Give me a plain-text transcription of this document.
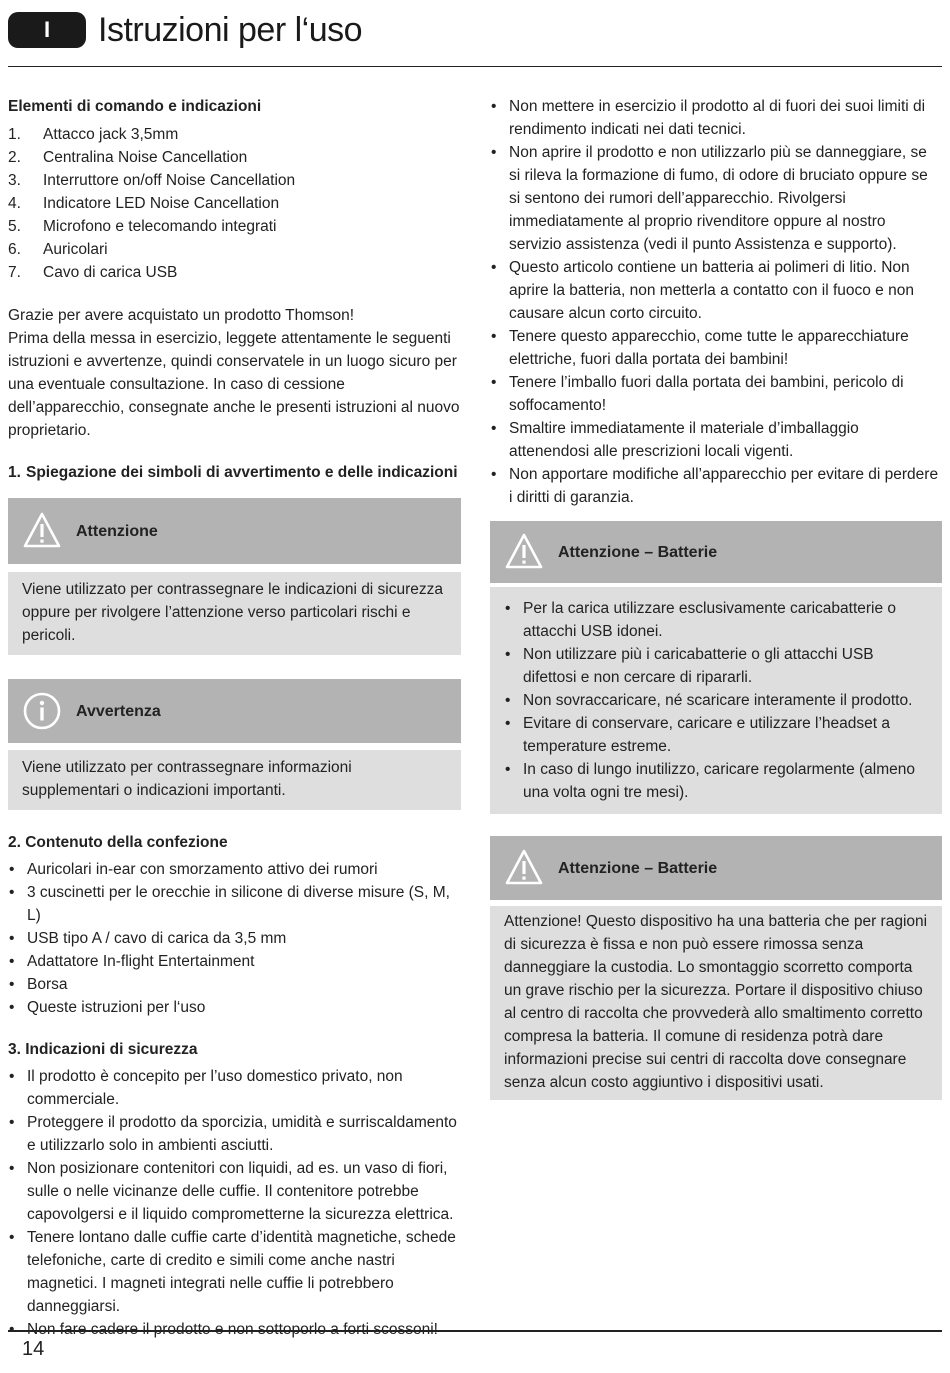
I	Istruzioni per l‘uso
Elementi di comando e indicazioni
1. Attacco jack 3,5mm
2. Centralina Noise Cancellation
3. Interruttore on/off Noise Cancellation
4. Indicatore LED Noise Cancellation
5. Microfono e telecomando integrati
6. Auricolari
7. Cavo di carica USB

Grazie per avere acquistato un prodotto Thomson!

Prima della messa in esercizio, leggete attentamente le seguenti istruzioni e avvertenze, quindi conservatele in un luogo sicuro per una eventuale consultazione. In caso di cessione dell’apparecchio, consegnate anche le presenti istruzioni al nuovo proprietario.

1. Spiegazione dei simboli di avvertimento e delle indicazioni
Attenzione

Viene utilizzato per contrassegnare le indicazioni di sicurezza oppure per rivolgere l’attenzione verso particolari rischi e pericoli.

Avvertenza

Viene utilizzato per contrassegnare informazioni supplementari o indicazioni importanti.

2. Contenuto della confezione
• Auricolari in-ear con smorzamento attivo dei rumori
• 3 cuscinetti per le orecchie in silicone di diverse misure (S, M, L)
• USB tipo A / cavo di carica da 3,5 mm
• Adattatore In-flight Entertainment
• Borsa
• Queste istruzioni per l‘uso
3. Indicazioni di sicurezza
• Il prodotto è concepito per l’uso domestico privato, non commerciale.
• Proteggere il prodotto da sporcizia, umidità e surriscaldamento e utilizzarlo solo in ambienti asciutti.
• Non posizionare contenitori con liquidi, ad es. un vaso di fiori, sulle o nelle vicinanze delle cuffie. Il contenitore potrebbe capovolgersi e il liquido comprometterne la sicurezza elettrica.
• Tenere lontano dalle cuffie carte d’identità magnetiche, schede telefoniche, carte di credito e simili come anche nastri magnetici. I magneti integrati nelle cuffie li potrebbero danneggiarsi.
•
• Non mettere in esercizio il prodotto al di fuori dei suoi limiti di rendimento indicati nei dati tecnici.
• Non aprire il prodotto e non utilizzarlo più se danneggiare, se si rileva la formazione di fumo, di odore di bruciato oppure se si sentono dei rumori dell’apparecchio. Rivolgersi immediatamente al proprio rivenditore oppure al nostro servizio assistenza (vedi il punto Assistenza e supporto).
• Questo articolo contiene un batteria ai polimeri di litio. Non aprire la batteria, non metterla a contatto con il fuoco e non causare alcun corto circuito.
• Tenere questo apparecchio, come tutte le apparecchiature elettriche, fuori dalla portata dei bambini!
• Tenere l’imballo fuori dalla portata dei bambini, pericolo di soffocamento!
• Smaltire immediatamente il materiale d’imballaggio attenendosi alle prescrizioni locali vigenti.
• Non apportare modifiche all’apparecchio per evitare di perdere i diritti di garanzia.
Attenzione – Batterie
• Per la carica utilizzare esclusivamente caricabatterie o attacchi USB idonei.
• Non utilizzare più i caricabatterie o gli attacchi USB difettosi e non cercare di ripararli.
• Non sovraccaricare, né scaricare interamente il prodotto.
• Evitare di conservare, caricare e utilizzare l’headset a temperature estreme.
• In caso di lungo inutilizzo, caricare regolarmente (almeno una volta ogni tre mesi).
Attenzione – Batterie

Attenzione! Questo dispositivo ha una batteria che per ragioni di sicurezza è fissa e non può essere rimossa senza danneggiare la custodia. Lo smontaggio scorretto comporta un grave rischio per la sicurezza. Portare il dispositivo chiuso al centro di raccolta che provvederà allo smaltimento corretto compresa la batteria. Il comune di residenza potrà dare informazioni precise sui centri di raccolta dove consegnare senza alcun costo aggiuntivo i dispositivi usati.

14
